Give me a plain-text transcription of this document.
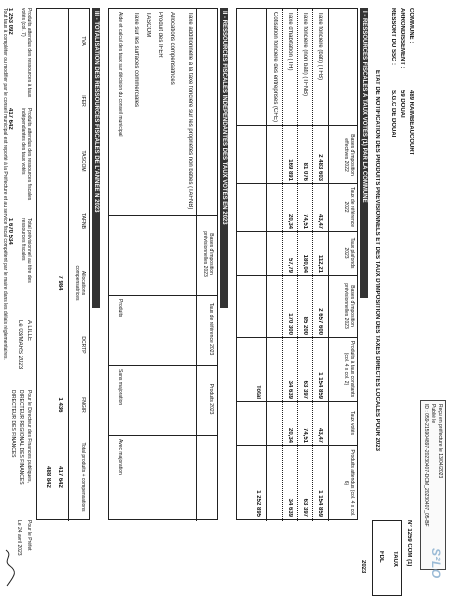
Reçu en préfecture le 13/04/2023
Publié le
ID : 059-215904897-20230407-DCM_20230407_05-BF
S²LO
N° 1259 COM (1)
TAUX
FDL
2023
COMMUNE :
489 RAIMBEAUCOURT
ARRONDISSEMENT :
59 DOUAI
RESSORT DU SSC :
S.G.C DE DOUAI
ÉTAT DE NOTIFICATION DES PRODUITS PRÉVISIONNELS ET DES TAUX D'IMPOSITION DES TAXES DIRECTES LOCALES POUR 2023
I - RESSOURCES FISCALES À TAUX VOTÉS (1) PAR LA COMMUNE
Bases d'imposition effectives 2022
Taux de référence 2022
Taux plafonds 2023
Bases d'imposition prévisionnelles 2023
Produits à taux constants (col. 4 x col. 2)
Taux votés
Produits attendus (col. 4 x col. 6)
Taxe foncière (bâti) (TFB)
2 483 603
43,47
112,21
2 657 600
1 154 859
43,47
1 154 859
Taxe foncière (non bâti) (TFNB)
81 076
74,51
180,04
85 200
63 397
74,51
63 397
Taxe d'habitation (TH)
169 891
20,34
57,79
170 300
34 639
20,34
34 639
Cotisation foncière des entreprises (CFE)
Total
1 252 895
II - RESSOURCES FISCALES INDÉPENDANTES DES TAUX VOTÉS EN 2023
Bases d'imposition prévisionnelles 2023
Taux de référence 2023
Produits 2023
Taxe additionnelle à la taxe foncière sur les propriétés non bâties (TAFNB)
Allocations compensatrices
Produit des IFER
TASCOM
Taxe sur les surfaces commerciales
Aide et calcul des taux sur décision du conseil municipal
Produits
Sans majoration
Avec majoration
III - TOTALISATION DES RESSOURCES FISCALES DE L'ANNÉE N 2023
TVA
IFER
TASCOM
TAFNB
Allocations compensatrices
DCRTP
FNGIR
Total produits + compensations
7 984
1 436
417 642
488 842
Produits attendus des ressources à taux votés (col. 7)
1 253 092
Produits attendus des ressources fiscales indépendantes des taux votés
417 642
Total prévisionnel au titre des ressources fiscales
1 670 534
A LILLE
Le 03/MARS 2023
Pour le Directeur des Finances publiques,
DIRECTEUR RÉGIONAL DES FINANCES
DIRECTEUR DES FINANCES
Pour le Préfet
Le 24 avril 2023
Tout taux à compléter ou modifier par le conseil municipal est reporté à la Préfecture et au service fiscal compétent par le maire dans les délais réglementaires.
